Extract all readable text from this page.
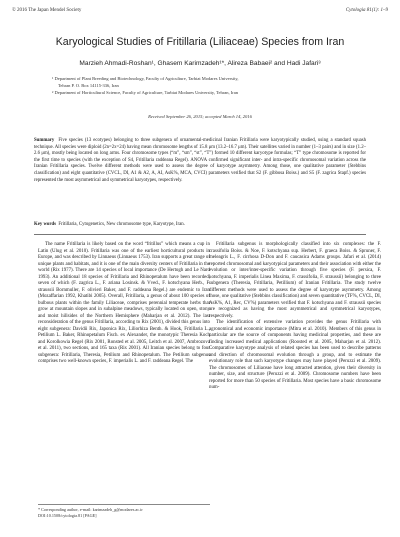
© 2016 The Japan Mendel Society	Cytologia 81(1): 1–9
Karyological Studies of Fritillaria (Liliaceae) Species from Iran
Marzieh Ahmadi-Roshan¹, Ghasem Karimzadeh¹*, Alireza Babaei² and Hadi Jafari³

¹ Department of Plant Breeding and Biotechnology, Faculty of Agriculture, Tarbiat Modares University,

Tehran P. O. Box 14115-336, Iran

² Department of Horticultural Science, Faculty of Agriculture, Tarbiat Modares University, Tehran, Iran

Received September 26, 2015; accepted March 14, 2016
Summary Five species (13 ecotypes) belonging to three subgenera of ornamental-medicinal Iranian Fritillaria were karyotypically studied, using a standard squash technique. All species were diploid (2n=2x=24) having mean chromosome lengths of 15.8 μm (13.2–16.7 μm). Their satellites varied in number (1–3 pairs) and in size (1.2–2.6 μm), mostly being located on long arms. Four chromosome types (“m”, “sm”, “st”, “T”) formed 10 different karyotype formulas; “T” type chromosome is reported for the first time to species (with the exception of S4, Fritillaria raddeana Regel). ANOVA confirmed significant inter- and intra-specific chromosomal variation across the Iranian Fritillaria species. Twelve different methods were used to assess the degree of karyotype asymmetry. Among those, one qualitative parameter (Stebbins classification) and eight quantitative (CVCL, DI, A1 & A2, A, AI, AsK%, MCA, CVCI) parameters verified that S2 (F. gibbosa Boiss.) and S5 (F. zagrica Stapf.) species represented the most asymmetrical and symmetrical karyotypes, respectively.
Key words Fritillaria, Cytogenetics, New chromosome type, Karyotype, Iran.

The name Fritillaria is likely based on the word “fritillus” which means a cup in Latin (Ulug et al. 2010). Fritillaria was one of the earliest horticultural products in Europe, and was described by Linnaeus (Linnaeus 1753). Iran supports a great range of unique plants and habitats, and it is one of the main diversity centers of Fritillaria in the world (Rix 1977). There are 14 species of local importance (De Hertogh and Le Nard 1993). An additional 18 species of Fritillaria and Rhinopetalum have been recorded, seven of which (F. zagrica L., F. ariana Losinsk. & Vved., F. kotschyana Herb., F. straussii Bornmuller, F. olivieri Baker, and F. raddeana Regel.) are endemic to Iran (Mozaffarian 1992, Khatibi 2005). Overall, Fritillaria, a genus of about 100 species of bulbous plants within the family Liliaceae, comprises perennial temperate herbs that grow at mountain slopes and in subalpine meadows, typically located on open, stony and moist hillsides of the Northern Hemisphere (Maharjan et al. 2012). The last reconsideration of the genus Fritillaria, according to Rix (2001), divided this genus into eight subgenera: Davidii Rix, Japonica Rix, Liliorhiza Benth. & Hook, Fritillaria L., Petilium L. Baker, Rhinopetalum Fisch. ex Alexander, the monotypic Theresia Koch and Korolkowia Regel (Rix 2001, Ronsted et al. 2005, Leitch et al. 2007, Ambrozova et al. 2011), two sections, and 165 taxa (Rix 2001). All Iranian species belong to four subgenera: Fritillaria, Theresia, Petilium and Rhinopetalum. The Petilium subgenus comprises two well-known species, F. imperialis L. and F. raddeana Regel. The

Fritillaria subgenus is morphologically classified into six complexes: the F. crassifolia Boiss. & Noe, F. kotschyana sup. Herbert, F. graeca Boiss. & Spruner, F. meleagris L., F. cirrhosa D-Don and F. caucasica Adams groups. Jafari et al. (2014) reported chromosomal and karyotypical parameters and their association with either the evolution or inter/inter-specific variation through five species (F. persica, F. kotschyana, F. imperialis Linea Maxima, F. crassifolia, F. straussii) belonging to three subgenera (Theresia, Fritillaria, Petillium) of Iranian Fritillaria. The study twelve different methods were used to assess the degree of karyotype asymmetry. Among those, one qualitative (Stebbins classification) and seven quantitative (TF%, CVCL, DI, AsK%, A1, Rec, CV%) parameters verified that F. kotschyana and F. straussii species are recognized as having the most asymmetrical and symmetrical karyotypes, respectively.

The identification of extensive variation provides the genus Fritillaria with agronomical and economic importance (Mitra et al. 2010). Members of this genus in particular are the source of components having medicinal properties, and these are finding increased medical applications (Roosted et al. 2005, Maharjan et al. 2012). Comparative karyotype analysis of related species has been used to describe patterns and direction of chromosomal evolution through a group, and to estimate the evolutionary role that such karyotype changes may have played (Peruzzi et al. 2009). The chromosomes of Liliaceae have long attracted attention, given their diversity in number, size, and structure (Peruzzi et al. 2009). Chromosome numbers have been reported for more than 50 species of Fritillaria. Most species have a basic chromosome num-

* Corresponding author, e-mail: karimzadeh_g@modares.ac.ir
DOI:10.1508/cytologia.81 [PAGE]
